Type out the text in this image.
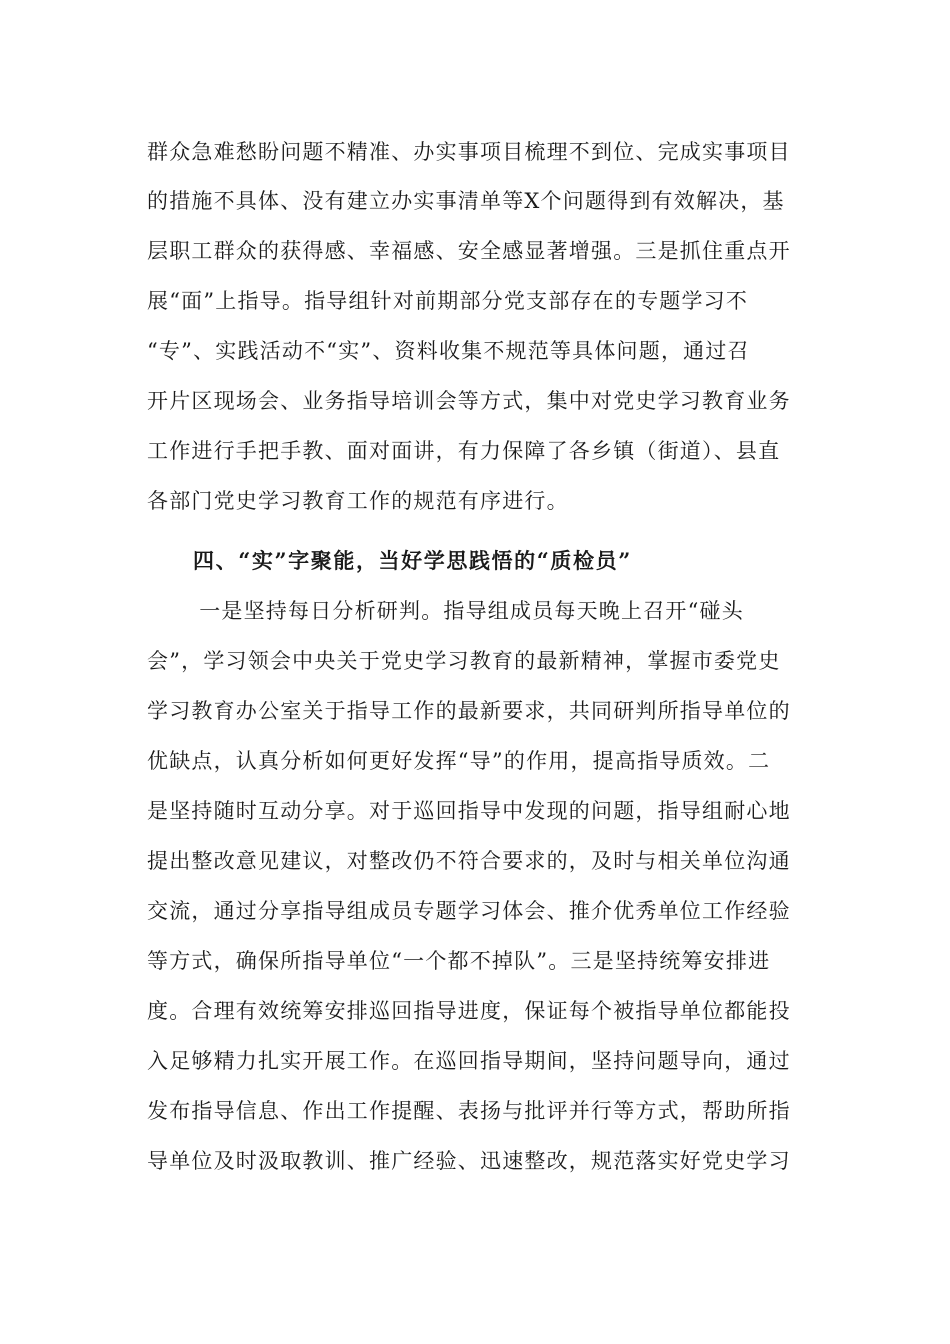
群众急难愁盼问题不精准、办实事项目梳理不到位、完成实事项目
的措施不具体、没有建立办实事清单等X个问题得到有效解决，基
层职工群众的获得感、幸福感、安全感显著增强。三是抓住重点开
展“面”上指导。指导组针对前期部分党支部存在的专题学习不
“专”、实践活动不“实”、资料收集不规范等具体问题，通过召
开片区现场会、业务指导培训会等方式，集中对党史学习教育业务
工作进行手把手教、面对面讲，有力保障了各乡镇（街道）、县直
各部门党史学习教育工作的规范有序进行。
四、“实”字聚能，当好学思践悟的“质检员”
　一是坚持每日分析研判。指导组成员每天晚上召开“碰头
会”，学习领会中央关于党史学习教育的最新精神，掌握市委党史
学习教育办公室关于指导工作的最新要求，共同研判所指导单位的
优缺点，认真分析如何更好发挥“导”的作用，提高指导质效。二
是坚持随时互动分享。对于巡回指导中发现的问题，指导组耐心地
提出整改意见建议，对整改仍不符合要求的，及时与相关单位沟通
交流，通过分享指导组成员专题学习体会、推介优秀单位工作经验
等方式，确保所指导单位“一个都不掉队”。三是坚持统筹安排进
度。合理有效统筹安排巡回指导进度，保证每个被指导单位都能投
入足够精力扎实开展工作。在巡回指导期间，坚持问题导向，通过
发布指导信息、作出工作提醒、表扬与批评并行等方式，帮助所指
导单位及时汲取教训、推广经验、迅速整改，规范落实好党史学习
